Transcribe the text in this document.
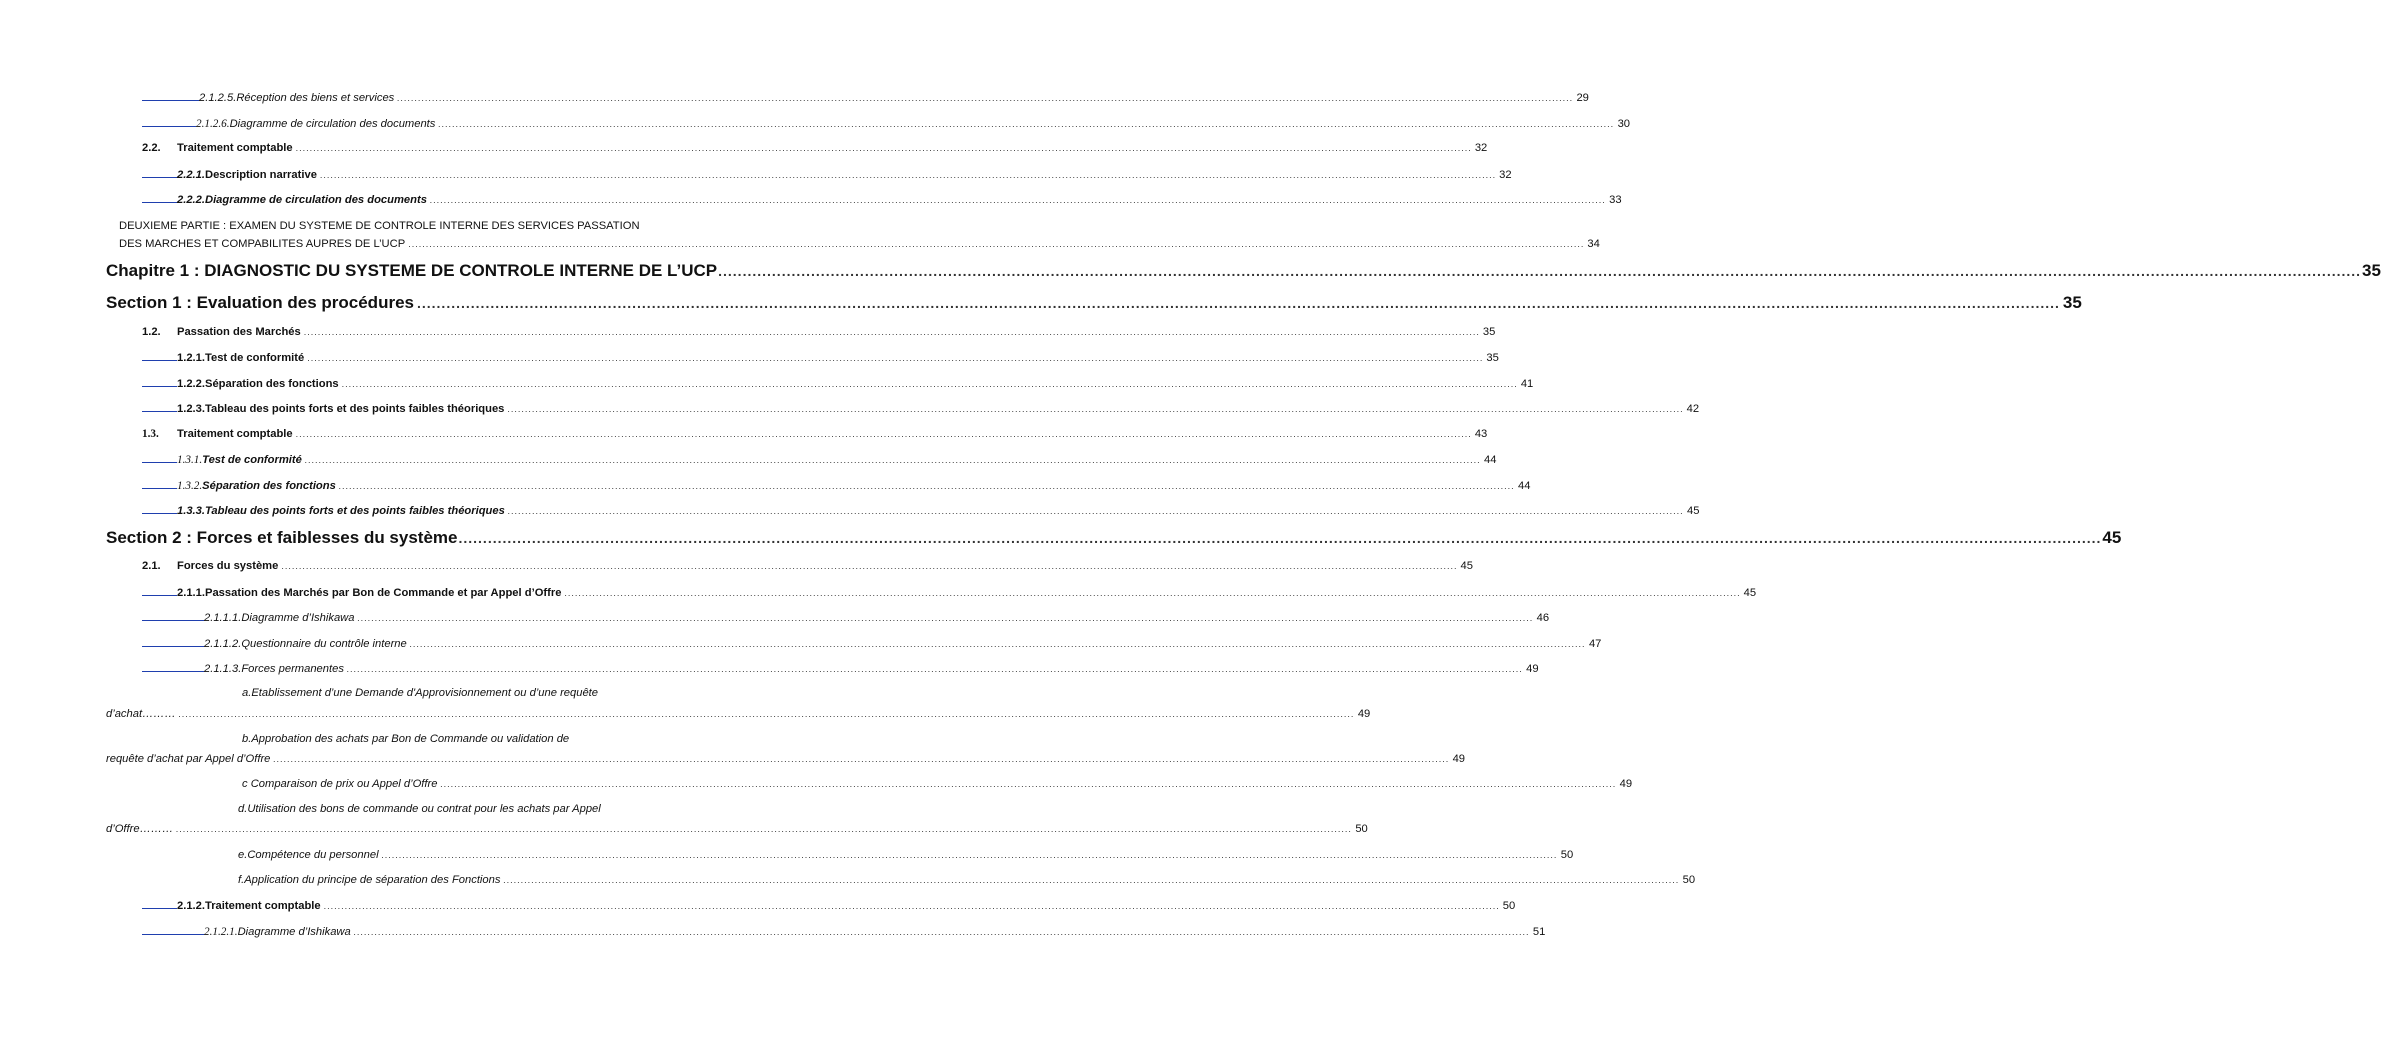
2.1.2.5.Réception des biens et services .....	29
2.1.2.6. Diagramme de circulation des documents .....	30
2.2.	Traitement comptable .....	32
2.2.1. Description narrative .....	32
2.2.2.Diagramme de circulation des documents .....	33
DEUXIEME PARTIE : EXAMEN DU SYSTEME DE CONTROLE INTERNE DES SERVICES PASSATION
DES MARCHES ET COMPABILITES AUPRES DE L’UCP .....	34
Chapitre 1 : DIAGNOSTIC DU SYSTEME DE CONTROLE INTERNE DE L’UCP .....	35
Section 1 : Evaluation des procédures .....	35
1.2.	Passation des Marchés .....	35
1.2.1.Test de conformité .....	35
1.2.2.Séparation des fonctions .....	41
1.2.3.Tableau des points forts et des points faibles théoriques .....	42
1.3.	Traitement comptable .....	43
1.3.1. Test de conformité .....	44
1.3.2. Séparation des fonctions .....	44
1.3.3.Tableau des points forts et des points faibles théoriques .....	45
Section 2 : Forces et faiblesses du système .....	45
2.1.	Forces du système .....	45
2.1.1.Passation des Marchés par Bon de Commande et par Appel d’Offre .....	45
2.1.1.1.Diagramme d’Ishikawa .....	46
2.1.1.2.Questionnaire du contrôle interne .....	47
2.1.1.3.Forces permanentes .....	49
a.Etablissement d’une Demande d'Approvisionnement ou d’une requête
d’achat……… .....	49
b.Approbation des achats par Bon de Commande ou validation de
requête d’achat par Appel d’Offre .....	49
c Comparaison de prix ou Appel d’Offre .....	49
d.Utilisation des bons de commande ou contrat pour les achats par Appel
d’Offre……… .....	50
e.Compétence du personnel .....	50
f.Application du principe de séparation des Fonctions .....	50
2.1.2.Traitement comptable .....	50
2.1.2.1. Diagramme d’Ishikawa .....	51
